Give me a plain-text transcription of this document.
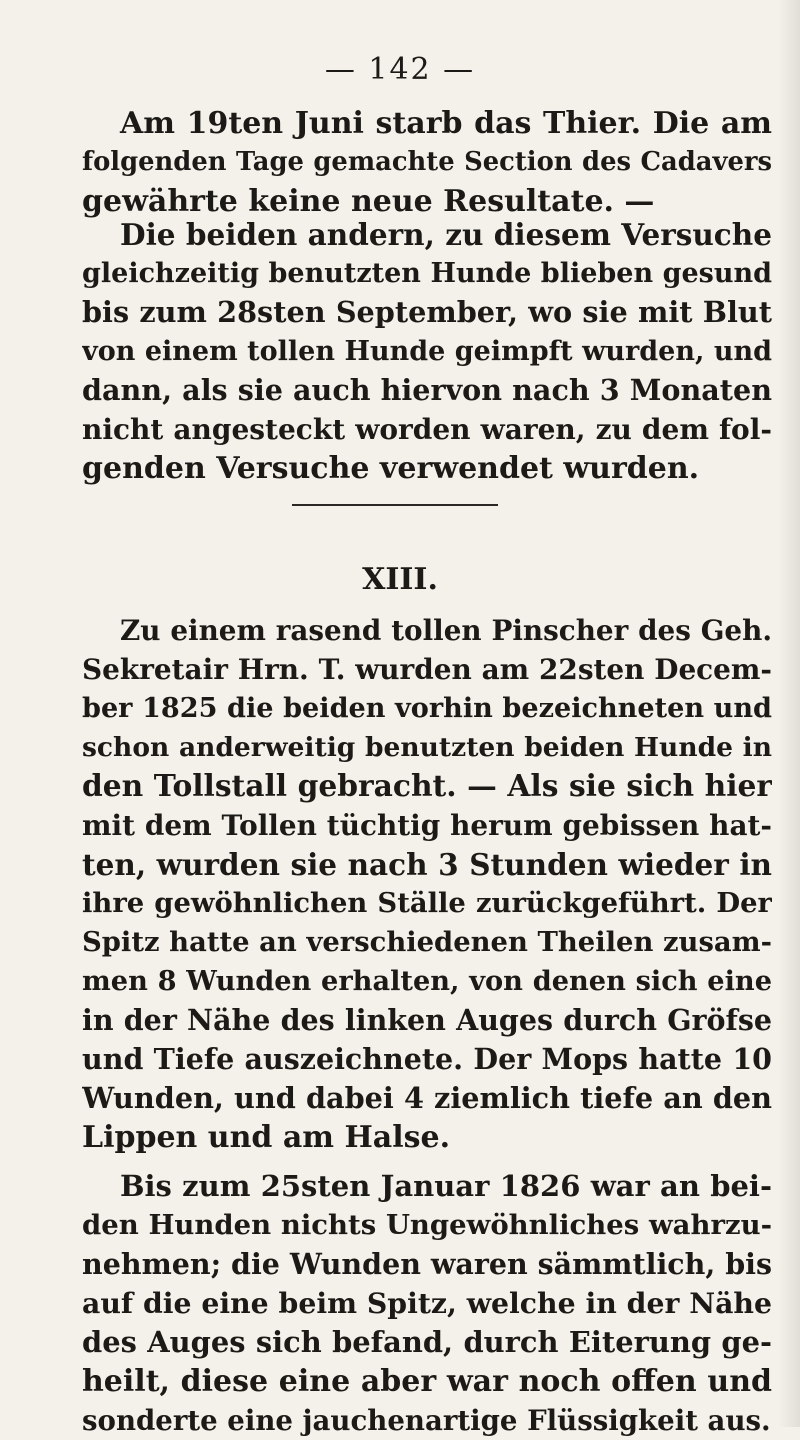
— 142 —
Am 19ten Juni starb das Thier. Die am
folgenden Tage gemachte Section des Cadavers
gewährte keine neue Resultate. —
Die beiden andern, zu diesem Versuche
gleichzeitig benutzten Hunde blieben gesund
bis zum 28sten September, wo sie mit Blut
von einem tollen Hunde geimpft wurden, und
dann, als sie auch hiervon nach 3 Monaten
nicht angesteckt worden waren, zu dem fol-
genden Versuche verwendet wurden.
XIII.
Zu einem rasend tollen Pinscher des Geh.
Sekretair Hrn. T. wurden am 22sten Decem-
ber 1825 die beiden vorhin bezeichneten und
schon anderweitig benutzten beiden Hunde in
den Tollstall gebracht. — Als sie sich hier
mit dem Tollen tüchtig herum gebissen hat-
ten, wurden sie nach 3 Stunden wieder in
ihre gewöhnlichen Ställe zurückgeführt. Der
Spitz hatte an verschiedenen Theilen zusam-
men 8 Wunden erhalten, von denen sich eine
in der Nähe des linken Auges durch Gröfse
und Tiefe auszeichnete. Der Mops hatte 10
Wunden, und dabei 4 ziemlich tiefe an den
Lippen und am Halse.
Bis zum 25sten Januar 1826 war an bei-
den Hunden nichts Ungewöhnliches wahrzu-
nehmen; die Wunden waren sämmtlich, bis
auf die eine beim Spitz, welche in der Nähe
des Auges sich befand, durch Eiterung ge-
heilt, diese eine aber war noch offen und
sonderte eine jauchenartige Flüssigkeit aus.
